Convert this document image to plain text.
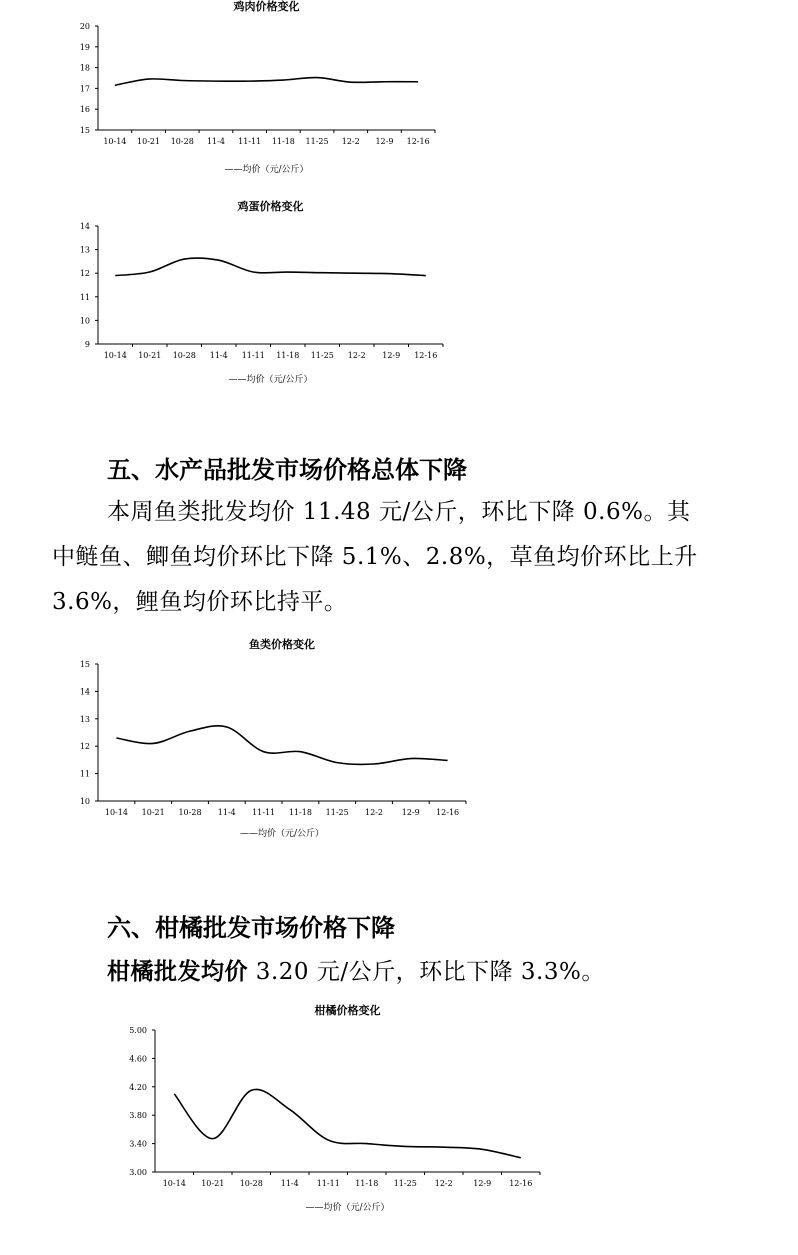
鸡肉价格变化
15
16
17
18
19
20
10-14 10-21 10-28 11-4 11-11 11-18 11-25 12-2 12-9 12-16
——均价（元/公斤）
鸡蛋价格变化
9
10
11
12
13
14
10-14 10-21 10-28 11-4 11-11 11-18 11-25 12-2 12-9 12-16
——均价（元/公斤）
五、水产品批发市场价格总体下降
本周鱼类批发均价 11.48 元/公斤，环比下降 0.6%。其
中鲢鱼、鲫鱼均价环比下降 5.1%、2.8%，草鱼均价环比上升
3.6%，鲤鱼均价环比持平。
鱼类价格变化
10
11
12
13
14
15
10-14 10-21 10-28 11-4 11-11 11-18 11-25 12-2 12-9 12-16
——均价（元/公斤）
六、柑橘批发市场价格下降
柑橘批发均价 3.20 元/公斤，环比下降 3.3%。
柑橘价格变化
3.00
3.40
3.80
4.20
4.60
5.00
10-14 10-21 10-28 11-4 11-11 11-18 11-25 12-2	12-9 12-16
——均价（元/公斤）
